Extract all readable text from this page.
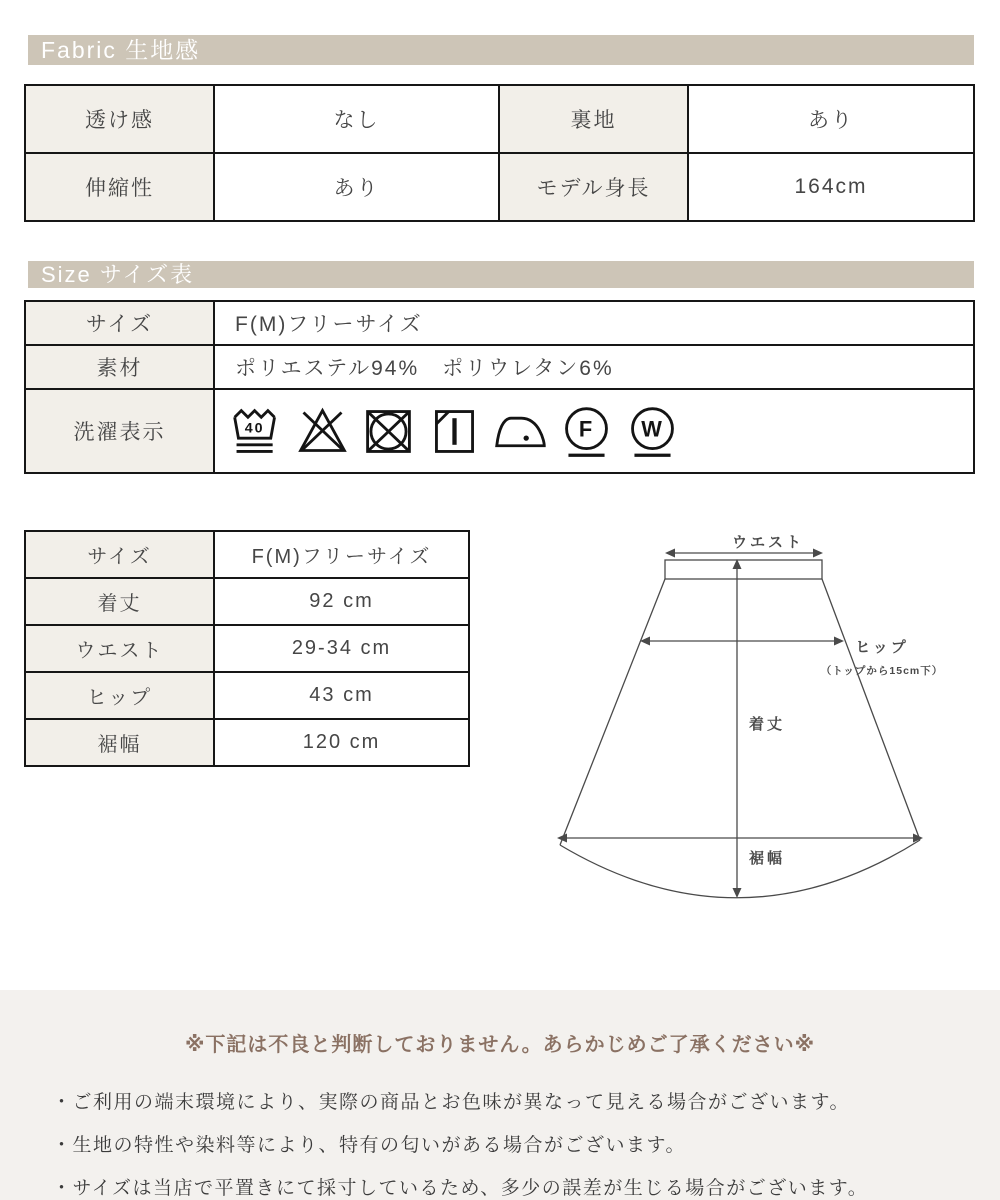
Fabric 生地感
透け感	なし	裏地	あり
伸縮性	あり	モデル身長	164cm
Size サイズ表
サイズ	F(M)フリーサイズ
素材	ポリエステル94%　ポリウレタン6%
洗濯表示	40 F W
サイズ	F(M)フリーサイズ
着丈	92 cm
ウエスト	29-34 cm
ヒップ	43 cm
裾幅	120 cm
ウエスト
ヒップ
（トップから15cm下）
着丈
裾幅
※下記は不良と判断しておりません。あらかじめご了承ください※
・ご利用の端末環境により、実際の商品とお色味が異なって見える場合がございます。
・生地の特性や染料等により、特有の匂いがある場合がございます。
・サイズは当店で平置きにて採寸しているため、多少の誤差が生じる場合がございます。
